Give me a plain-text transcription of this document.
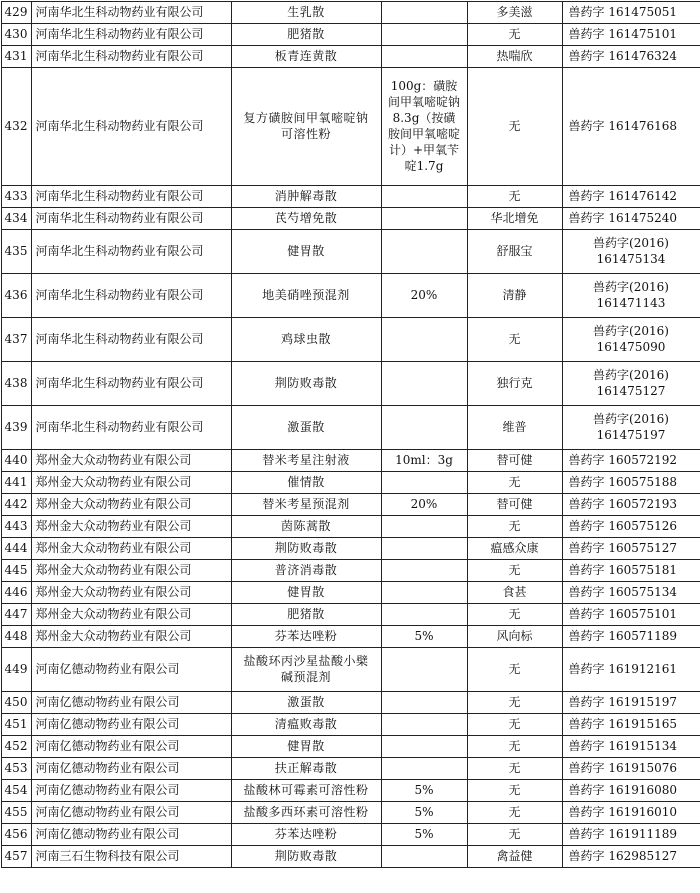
429	河南华北生科动物药业有限公司	生乳散		多美滋	兽药字 161475051
430	河南华北生科动物药业有限公司	肥猪散		无	兽药字 161475101
431	河南华北生科动物药业有限公司	板青连黄散		热喘欣	兽药字 161476324
432	河南华北生科动物药业有限公司	复方磺胺间甲氧嘧啶钠可溶性粉	100g：磺胺间甲氧嘧啶钠8.3g（按磺胺间甲氧嘧啶计）+甲氧苄啶1.7g	无	兽药字 161476168
433	河南华北生科动物药业有限公司	消肿解毒散		无	兽药字 161476142
434	河南华北生科动物药业有限公司	芪芍增免散		华北增免	兽药字 161475240
435	河南华北生科动物药业有限公司	健胃散		舒服宝	兽药字(2016) 161475134
436	河南华北生科动物药业有限公司	地美硝唑预混剂	20%	清静	兽药字(2016) 161471143
437	河南华北生科动物药业有限公司	鸡球虫散		无	兽药字(2016) 161475090
438	河南华北生科动物药业有限公司	荆防败毒散		独行克	兽药字(2016) 161475127
439	河南华北生科动物药业有限公司	激蛋散		维普	兽药字(2016) 161475197
440	郑州金大众动物药业有限公司	替米考星注射液	10ml：3g	替可健	兽药字 160572192
441	郑州金大众动物药业有限公司	催情散		无	兽药字 160575188
442	郑州金大众动物药业有限公司	替米考星预混剂	20%	替可健	兽药字 160572193
443	郑州金大众动物药业有限公司	茵陈蒿散		无	兽药字 160575126
444	郑州金大众动物药业有限公司	荆防败毒散		瘟感众康	兽药字 160575127
445	郑州金大众动物药业有限公司	普济消毒散		无	兽药字 160575181
446	郑州金大众动物药业有限公司	健胃散		食甚	兽药字 160575134
447	郑州金大众动物药业有限公司	肥猪散		无	兽药字 160575101
448	郑州金大众动物药业有限公司	芬苯达唑粉	5%	风向标	兽药字 160571189
449	河南亿德动物药业有限公司	盐酸环丙沙星盐酸小檗碱预混剂		无	兽药字 161912161
450	河南亿德动物药业有限公司	激蛋散		无	兽药字 161915197
451	河南亿德动物药业有限公司	清瘟败毒散		无	兽药字 161915165
452	河南亿德动物药业有限公司	健胃散		无	兽药字 161915134
453	河南亿德动物药业有限公司	扶正解毒散		无	兽药字 161915076
454	河南亿德动物药业有限公司	盐酸林可霉素可溶性粉	5%	无	兽药字 161916080
455	河南亿德动物药业有限公司	盐酸多西环素可溶性粉	5%	无	兽药字 161916010
456	河南亿德动物药业有限公司	芬苯达唑粉	5%	无	兽药字 161911189
457	河南三石生物科技有限公司	荆防败毒散		禽益健	兽药字 162985127
